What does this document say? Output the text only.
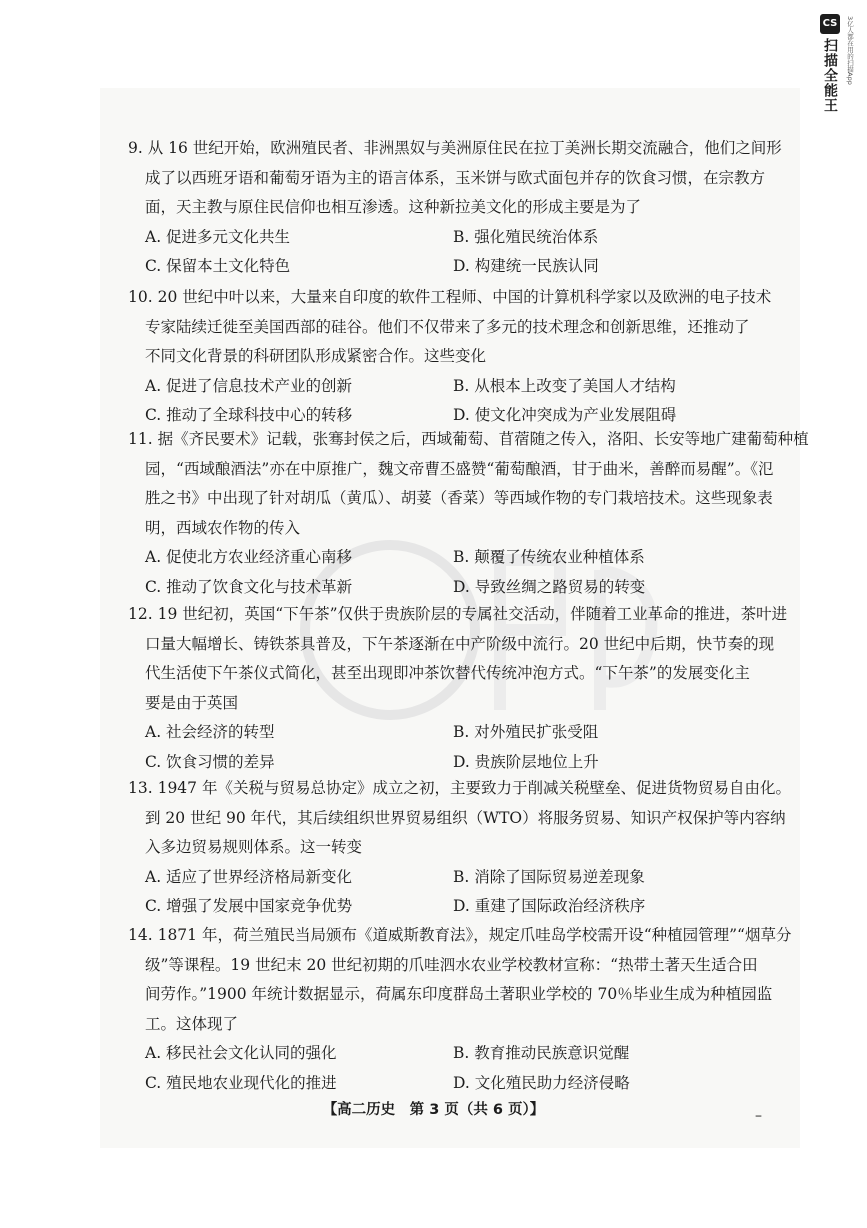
CS
扫描全能王	3亿人都在用的扫描App
9. 从 16 世纪开始，欧洲殖民者、非洲黑奴与美洲原住民在拉丁美洲长期交流融合，他们之间形
成了以西班牙语和葡萄牙语为主的语言体系，玉米饼与欧式面包并存的饮食习惯，在宗教方
面，天主教与原住民信仰也相互渗透。这种新拉美文化的形成主要是为了
A. 促进多元文化共生	B. 强化殖民统治体系
C. 保留本土文化特色	D. 构建统一民族认同
10. 20 世纪中叶以来，大量来自印度的软件工程师、中国的计算机科学家以及欧洲的电子技术
专家陆续迁徙至美国西部的硅谷。他们不仅带来了多元的技术理念和创新思维，还推动了
不同文化背景的科研团队形成紧密合作。这些变化
A. 促进了信息技术产业的创新	B. 从根本上改变了美国人才结构
C. 推动了全球科技中心的转移	D. 使文化冲突成为产业发展阻碍
11. 据《齐民要术》记载，张骞封侯之后，西域葡萄、苜蓿随之传入，洛阳、长安等地广建葡萄种植
园，“西域酿酒法”亦在中原推广，魏文帝曹丕盛赞“葡萄酿酒，甘于曲米，善醉而易醒”。《氾
胜之书》中出现了针对胡瓜（黄瓜）、胡荽（香菜）等西域作物的专门栽培技术。这些现象表
明，西域农作物的传入
A. 促使北方农业经济重心南移	B. 颠覆了传统农业种植体系
C. 推动了饮食文化与技术革新	D. 导致丝绸之路贸易的转变
12. 19 世纪初，英国“下午茶”仅供于贵族阶层的专属社交活动，伴随着工业革命的推进，茶叶进
口量大幅增长、铸铁茶具普及，下午茶逐渐在中产阶级中流行。20 世纪中后期，快节奏的现
代生活使下午茶仪式简化，甚至出现即冲茶饮替代传统冲泡方式。“下午茶”的发展变化主
要是由于英国
A. 社会经济的转型	B. 对外殖民扩张受阻
C. 饮食习惯的差异	D. 贵族阶层地位上升
13. 1947 年《关税与贸易总协定》成立之初，主要致力于削减关税壁垒、促进货物贸易自由化。
到 20 世纪 90 年代，其后续组织世界贸易组织（WTO）将服务贸易、知识产权保护等内容纳
入多边贸易规则体系。这一转变
A. 适应了世界经济格局新变化	B. 消除了国际贸易逆差现象
C. 增强了发展中国家竞争优势	D. 重建了国际政治经济秩序
14. 1871 年，荷兰殖民当局颁布《道威斯教育法》，规定爪哇岛学校需开设“种植园管理”“烟草分
级”等课程。19 世纪末 20 世纪初期的爪哇泗水农业学校教材宣称：“热带土著天生适合田
间劳作。”1900 年统计数据显示，荷属东印度群岛土著职业学校的 70％毕业生成为种植园监
工。这体现了
A. 移民社会文化认同的强化	B. 教育推动民族意识觉醒
C. 殖民地农业现代化的推进	D. 文化殖民助力经济侵略
【高二历史　第 3 页（共 6 页）】	–
